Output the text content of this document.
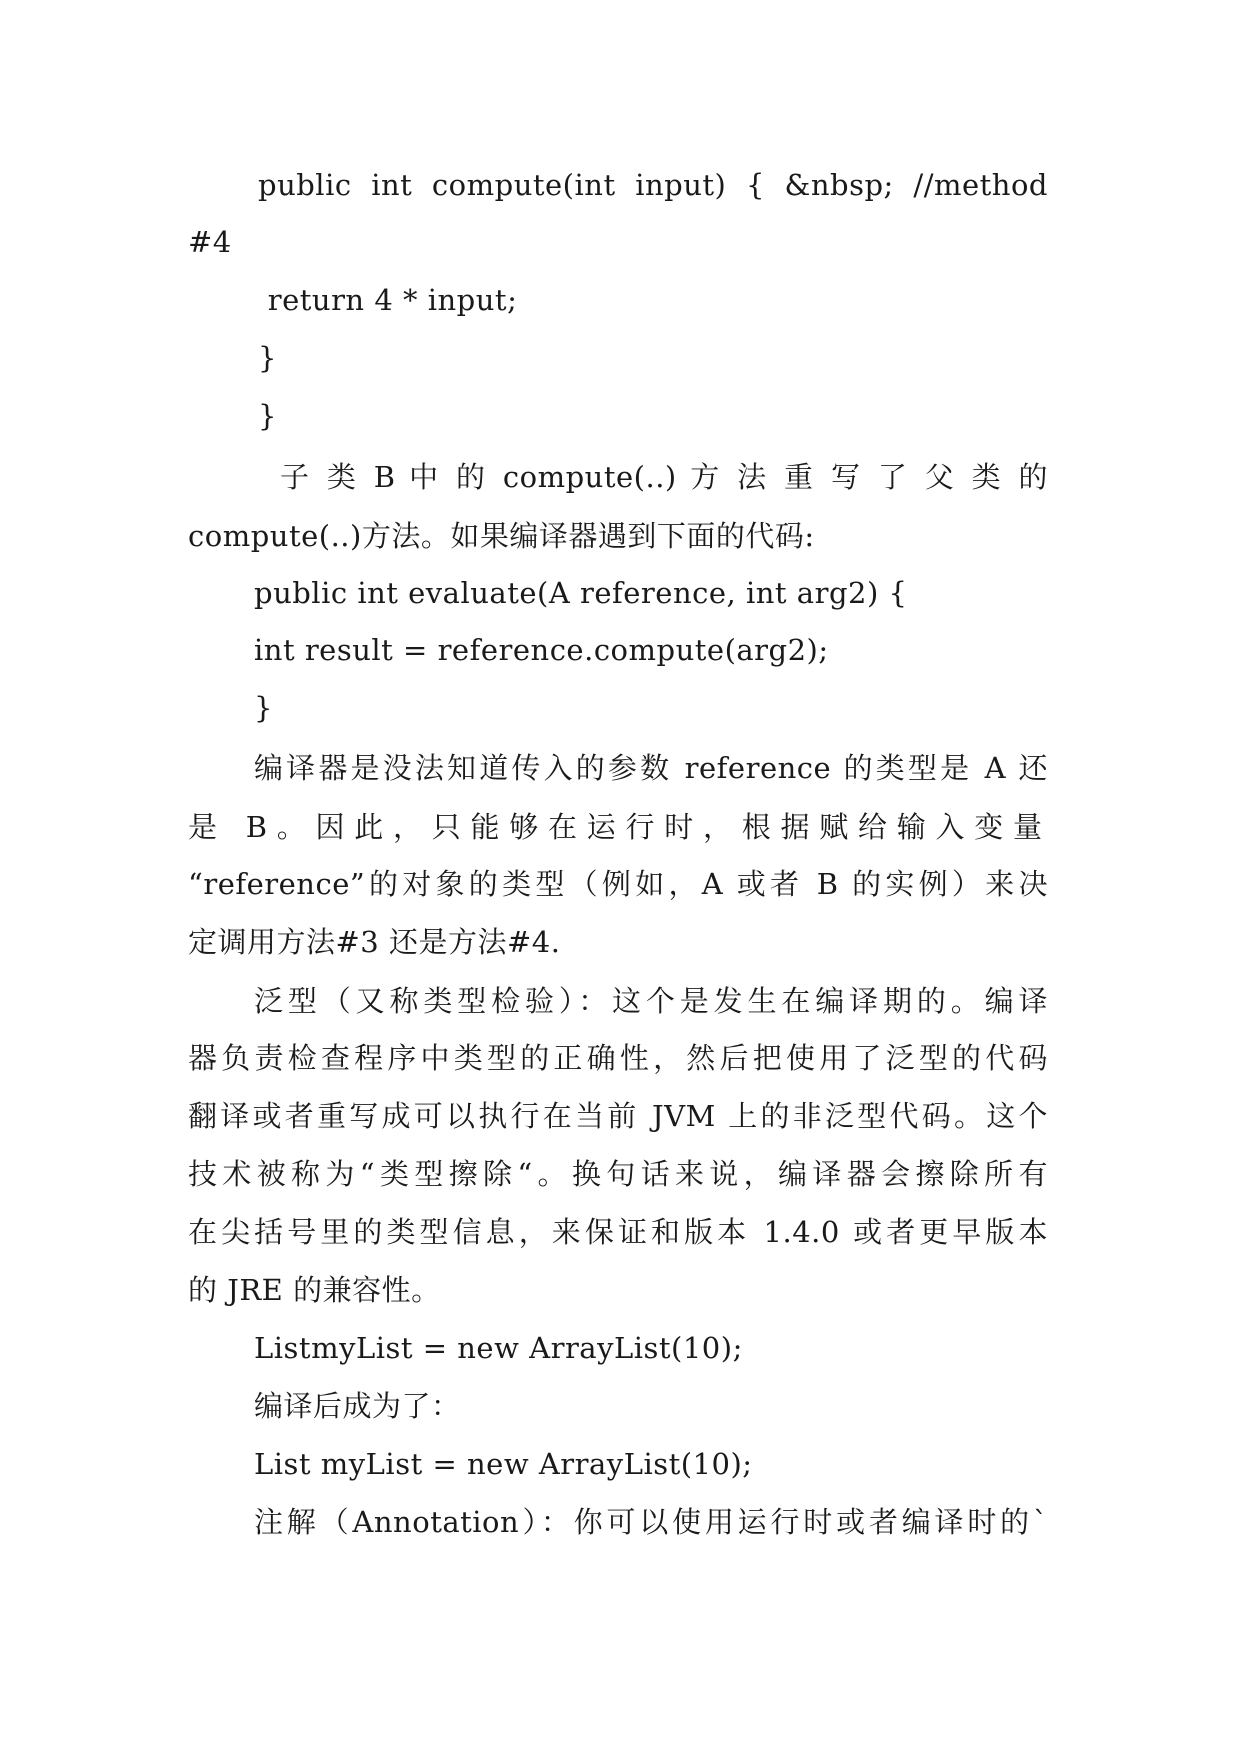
public int compute(int input) { &nbsp; //method
#4
return 4 * input;
}
}
子 类 B 中 的 compute(..) 方 法 重 写 了 父 类 的
compute(..)方法。如果编译器遇到下面的代码:
public int evaluate(A reference, int arg2) {
int result = reference.compute(arg2);
}
编译器是没法知道传入的参数 reference 的类型是 A 还
是 B。因此，只能够在运行时，根据赋给输入变量
“reference”的对象的类型（例如，A 或者 B 的实例）来决
定调用方法#3 还是方法#4.
泛型（又称类型检验）：这个是发生在编译期的。编译
器负责检查程序中类型的正确性，然后把使用了泛型的代码
翻译或者重写成可以执行在当前 JVM 上的非泛型代码。这个
技术被称为“类型擦除“。换句话来说，编译器会擦除所有
在尖括号里的类型信息，来保证和版本 1.4.0 或者更早版本
的 JRE 的兼容性。
ListmyList = new ArrayList(10);
编译后成为了：
List myList = new ArrayList(10);
注解（Annotation）：你可以使用运行时或者编译时的`
